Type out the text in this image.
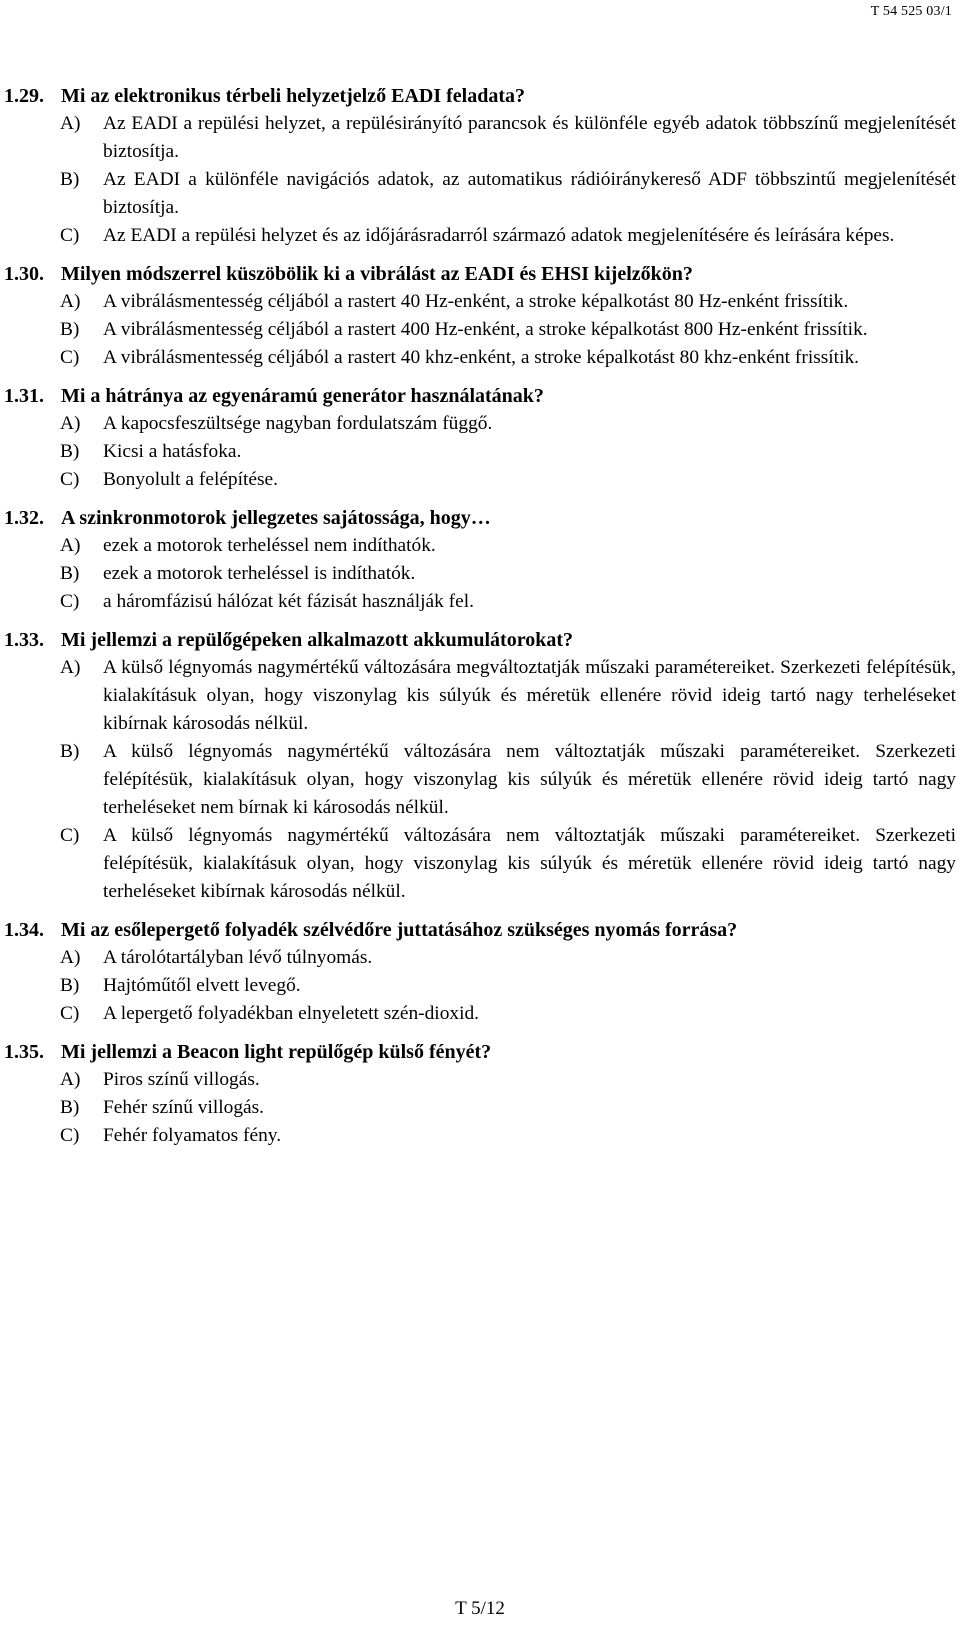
T 54 525 03/1
1.29. Mi az elektronikus térbeli helyzetjelző EADI feladata?
A) Az EADI a repülési helyzet, a repülésirányító parancsok és különféle egyéb adatok többszínű megjelenítését biztosítja.
B) Az EADI a különféle navigációs adatok, az automatikus rádióiránykereső ADF többszintű megjelenítését biztosítja.
C) Az EADI a repülési helyzet és az időjárásradarról származó adatok megjelenítésére és leírására képes.
1.30. Milyen módszerrel küszöbölik ki a vibrálást az EADI és EHSI kijelzőkön?
A) A vibrálásmentesség céljából a rastert 40 Hz-enként, a stroke képalkotást 80 Hz-enként frissítik.
B) A vibrálásmentesség céljából a rastert 400 Hz-enként, a stroke képalkotást 800 Hz-enként frissítik.
C) A vibrálásmentesség céljából a rastert 40 khz-enként, a stroke képalkotást 80 khz-enként frissítik.
1.31. Mi a hátránya az egyenáramú generátor használatának?
A) A kapocsfeszültsége nagyban fordulatszám függő.
B) Kicsi a hatásfoka.
C) Bonyolult a felépítése.
1.32. A szinkronmotorok jellegzetes sajátossága, hogy…
A) ezek a motorok terheléssel nem indíthatók.
B) ezek a motorok terheléssel is indíthatók.
C) a háromfázisú hálózat két fázisát használják fel.
1.33. Mi jellemzi a repülőgépeken alkalmazott akkumulátorokat?
A) A külső légnyomás nagymértékű változására megváltoztatják műszaki paramétereiket. Szerkezeti felépítésük, kialakításuk olyan, hogy viszonylag kis súlyúk és méretük ellenére rövid ideig tartó nagy terheléseket kibírnak károsodás nélkül.
B) A külső légnyomás nagymértékű változására nem változtatják műszaki paramétereiket. Szerkezeti felépítésük, kialakításuk olyan, hogy viszonylag kis súlyúk és méretük ellenére rövid ideig tartó nagy terheléseket nem bírnak ki károsodás nélkül.
C) A külső légnyomás nagymértékű változására nem változtatják műszaki paramétereiket. Szerkezeti felépítésük, kialakításuk olyan, hogy viszonylag kis súlyúk és méretük ellenére rövid ideig tartó nagy terheléseket kibírnak károsodás nélkül.
1.34. Mi az esőlepergető folyadék szélvédőre juttatásához szükséges nyomás forrása?
A) A tárolótartályban lévő túlnyomás.
B) Hajtóműtől elvett levegő.
C) A lepergető folyadékban elnyeletett szén-dioxid.
1.35. Mi jellemzi a Beacon light repülőgép külső fényét?
A) Piros színű villogás.
B) Fehér színű villogás.
C) Fehér folyamatos fény.
T 5/12
